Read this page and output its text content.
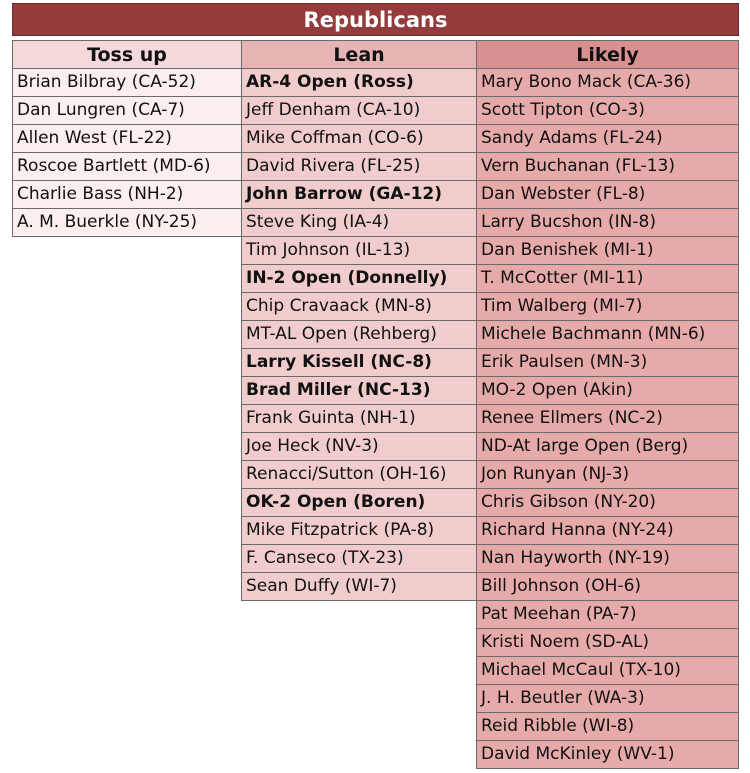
Republicans
Toss up
Brian Bilbray (CA-52)
Dan Lungren (CA-7)
Allen West (FL-22)
Roscoe Bartlett (MD-6)
Charlie Bass (NH-2)
A. M. Buerkle (NY-25)
Lean
AR-4 Open (Ross)
Jeff Denham (CA-10)
Mike Coffman (CO-6)
David Rivera (FL-25)
John Barrow (GA-12)
Steve King (IA-4)
Tim Johnson (IL-13)
IN-2 Open (Donnelly)
Chip Cravaack (MN-8)
MT-AL Open (Rehberg)
Larry Kissell (NC-8)
Brad Miller (NC-13)
Frank Guinta (NH-1)
Joe Heck (NV-3)
Renacci/Sutton (OH-16)
OK-2 Open (Boren)
Mike Fitzpatrick (PA-8)
F. Canseco (TX-23)
Sean Duffy (WI-7)
Likely
Mary Bono Mack (CA-36)
Scott Tipton (CO-3)
Sandy Adams (FL-24)
Vern Buchanan (FL-13)
Dan Webster (FL-8)
Larry Bucshon (IN-8)
Dan Benishek (MI-1)
T. McCotter (MI-11)
Tim Walberg (MI-7)
Michele Bachmann (MN-6)
Erik Paulsen (MN-3)
MO-2 Open (Akin)
Renee Ellmers (NC-2)
ND-At large Open (Berg)
Jon Runyan (NJ-3)
Chris Gibson (NY-20)
Richard Hanna (NY-24)
Nan Hayworth (NY-19)
Bill Johnson (OH-6)
Pat Meehan (PA-7)
Kristi Noem (SD-AL)
Michael McCaul (TX-10)
J. H. Beutler (WA-3)
Reid Ribble (WI-8)
David McKinley (WV-1)
